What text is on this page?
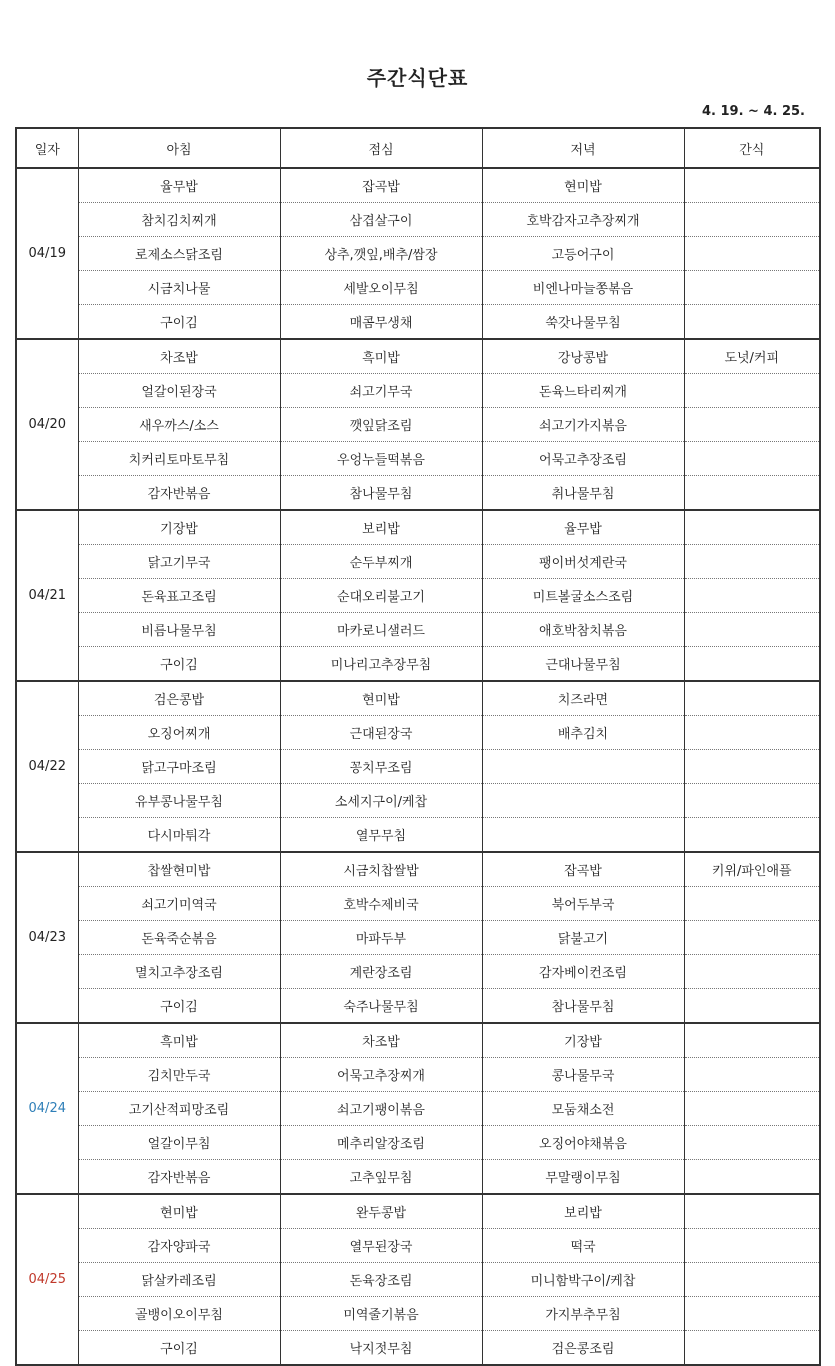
주간식단표
4. 19. ~ 4. 25.
일자	아침	점심	저녁	간식
04/19	율무밥	잡곡밥	현미밥	
	참치김치찌개	삼겹살구이	호박감자고추장찌개	
	로제소스닭조림	상추,깻잎,배추/쌈장	고등어구이	
	시금치나물	세발오이무침	비엔나마늘쫑볶음	
	구이김	매콤무생채	쑥갓나물무침	
04/20	차조밥	흑미밥	강낭콩밥	도넛/커피
	얼갈이된장국	쇠고기무국	돈육느타리찌개	
	새우까스/소스	깻잎닭조림	쇠고기가지볶음	
	치커리토마토무침	우엉누들떡볶음	어묵고추장조림	
	감자반볶음	참나물무침	취나물무침	
04/21	기장밥	보리밥	율무밥	
	닭고기무국	순두부찌개	팽이버섯계란국	
	돈육표고조림	순대오리불고기	미트볼굴소스조림	
	비름나물무침	마카로니샐러드	애호박참치볶음	
	구이김	미나리고추장무침	근대나물무침	
04/22	검은콩밥	현미밥	치즈라면	
	오징어찌개	근대된장국	배추김치	
	닭고구마조림	꽁치무조림		
	유부콩나물무침	소세지구이/케찹		
	다시마튀각	열무무침		
04/23	찹쌀현미밥	시금치찹쌀밥	잡곡밥	키위/파인애플
	쇠고기미역국	호박수제비국	북어두부국	
	돈육죽순볶음	마파두부	닭불고기	
	멸치고추장조림	계란장조림	감자베이컨조림	
	구이김	숙주나물무침	참나물무침	
04/24	흑미밥	차조밥	기장밥	
	김치만두국	어묵고추장찌개	콩나물무국	
	고기산적피망조림	쇠고기팽이볶음	모둠채소전	
	얼갈이무침	메추리알장조림	오징어야채볶음	
	감자반볶음	고추잎무침	무말랭이무침	
04/25	현미밥	완두콩밥	보리밥	
	감자양파국	열무된장국	떡국	
	닭살카레조림	돈육장조림	미니함박구이/케찹	
	골뱅이오이무침	미역줄기볶음	가지부추무침	
	구이김	낙지젓무침	검은콩조림	
